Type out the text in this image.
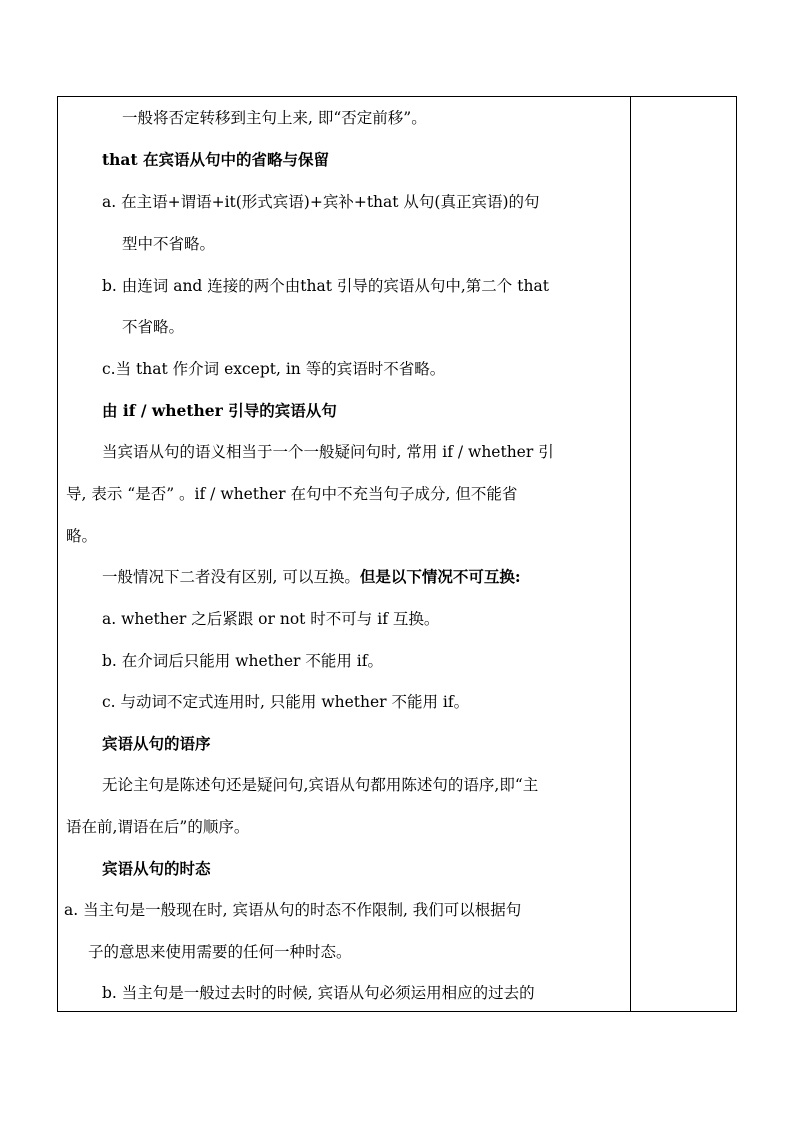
一般将否定转移到主句上来, 即“否定前移”。
that 在宾语从句中的省略与保留
a. 在主语+谓语+it(形式宾语)+宾补+that 从句(真正宾语)的句
型中不省略。
b. 由连词 and 连接的两个由that 引导的宾语从句中,第二个 that
不省略。
c.当 that 作介词 except, in 等的宾语时不省略。
由 if / whether 引导的宾语从句
当宾语从句的语义相当于一个一般疑问句时, 常用 if / whether 引
导, 表示 “是否” 。if / whether 在句中不充当句子成分, 但不能省
略。
一般情况下二者没有区别, 可以互换。但是以下情况不可互换:
a. whether 之后紧跟 or not 时不可与 if 互换。
b. 在介词后只能用 whether 不能用 if。
c. 与动词不定式连用时, 只能用 whether 不能用 if。
宾语从句的语序
无论主句是陈述句还是疑问句,宾语从句都用陈述句的语序,即“主
语在前,谓语在后”的顺序。
宾语从句的时态
a. 当主句是一般现在时, 宾语从句的时态不作限制, 我们可以根据句
子的意思来使用需要的任何一种时态。
b. 当主句是一般过去时的时候, 宾语从句必须运用相应的过去的
